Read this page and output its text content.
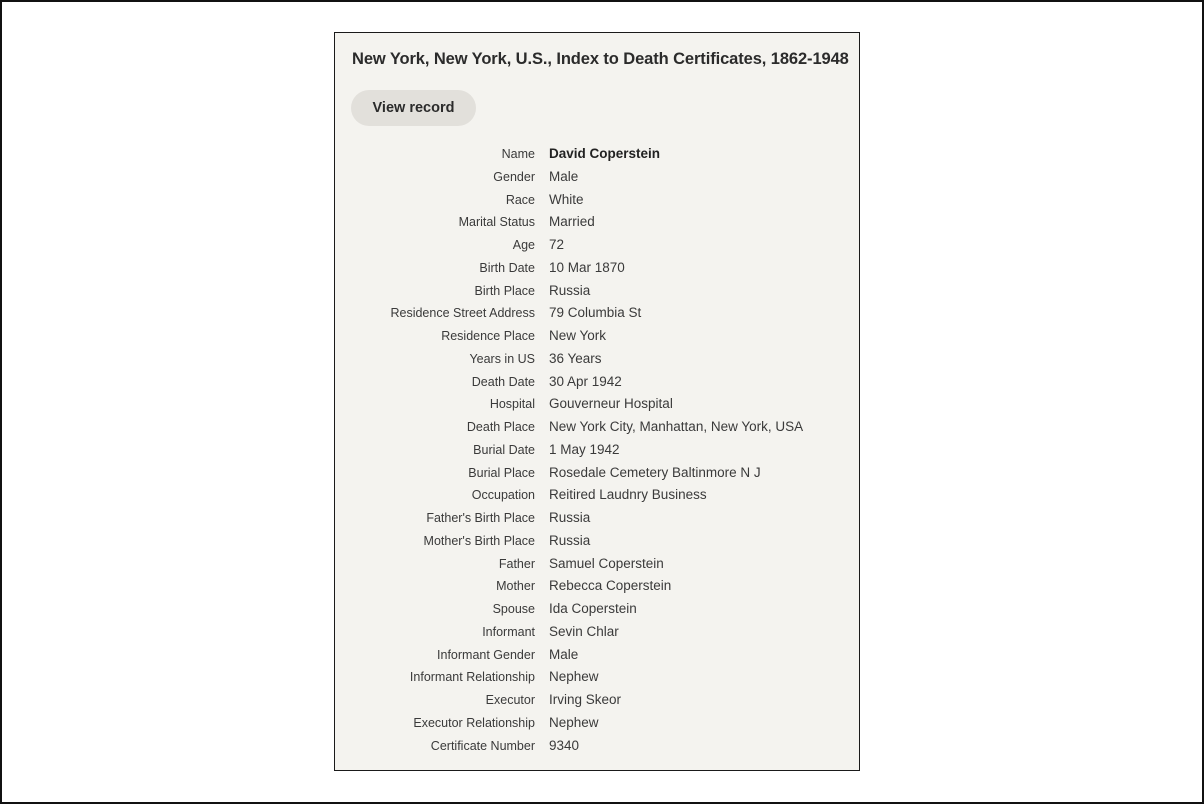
New York, New York, U.S., Index to Death Certificates, 1862-1948
View record
Name David Coperstein
Gender Male
Race White
Marital Status Married
Age 72
Birth Date 10 Mar 1870
Birth Place Russia
Residence Street Address 79 Columbia St
Residence Place New York
Years in US 36 Years
Death Date 30 Apr 1942
Hospital Gouverneur Hospital
Death Place New York City, Manhattan, New York, USA
Burial Date 1 May 1942
Burial Place Rosedale Cemetery Baltinmore N J
Occupation Reitired Laudnry Business
Father's Birth Place Russia
Mother's Birth Place Russia
Father Samuel Coperstein
Mother Rebecca Coperstein
Spouse Ida Coperstein
Informant Sevin Chlar
Informant Gender Male
Informant Relationship Nephew
Executor Irving Skeor
Executor Relationship Nephew
Certificate Number 9340
